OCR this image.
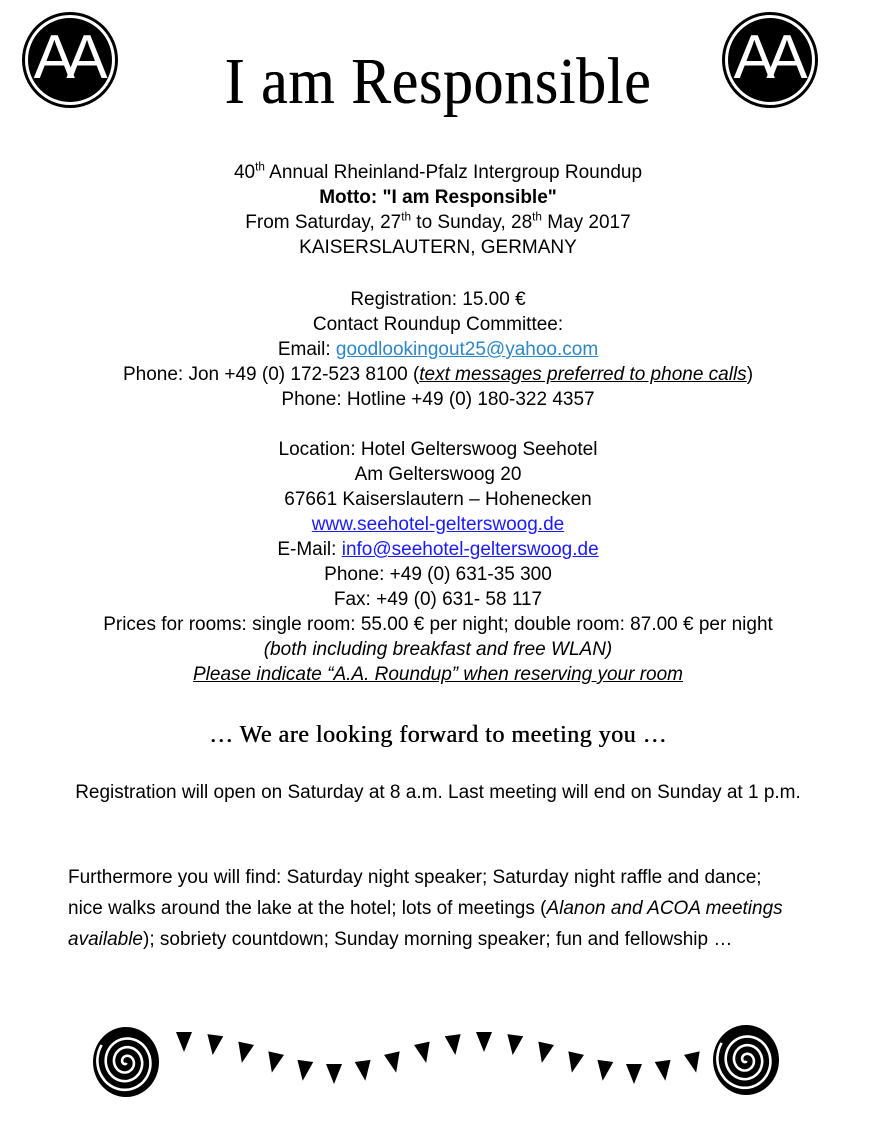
AA	AA
I am Responsible
40th Annual Rheinland-Pfalz Intergroup Roundup
Motto: "I am Responsible"
From Saturday, 27th to Sunday, 28th May 2017
KAISERSLAUTERN, GERMANY
Registration: 15.00 €
Contact Roundup Committee:
Email: goodlookingout25@yahoo.com
Phone: Jon +49 (0) 172-523 8100 (text messages preferred to phone calls)
Phone: Hotline +49 (0) 180-322 4357
Location: Hotel Gelterswoog Seehotel
Am Gelterswoog 20
67661 Kaiserslautern – Hohenecken
www.seehotel-gelterswoog.de
E-Mail: info@seehotel-gelterswoog.de
Phone: +49 (0) 631-35 300
Fax: +49 (0) 631- 58 117
Prices for rooms: single room: 55.00 € per night; double room: 87.00 € per night
(both including breakfast and free WLAN)
Please indicate “A.A. Roundup” when reserving your room
… We are looking forward to meeting you …
Registration will open on Saturday at 8 a.m. Last meeting will end on Sunday at 1 p.m.
Furthermore you will find: Saturday night speaker; Saturday night raffle and dance;
nice walks around the lake at the hotel; lots of meetings (Alanon and ACOA meetings
available); sobriety countdown; Sunday morning speaker; fun and fellowship …
